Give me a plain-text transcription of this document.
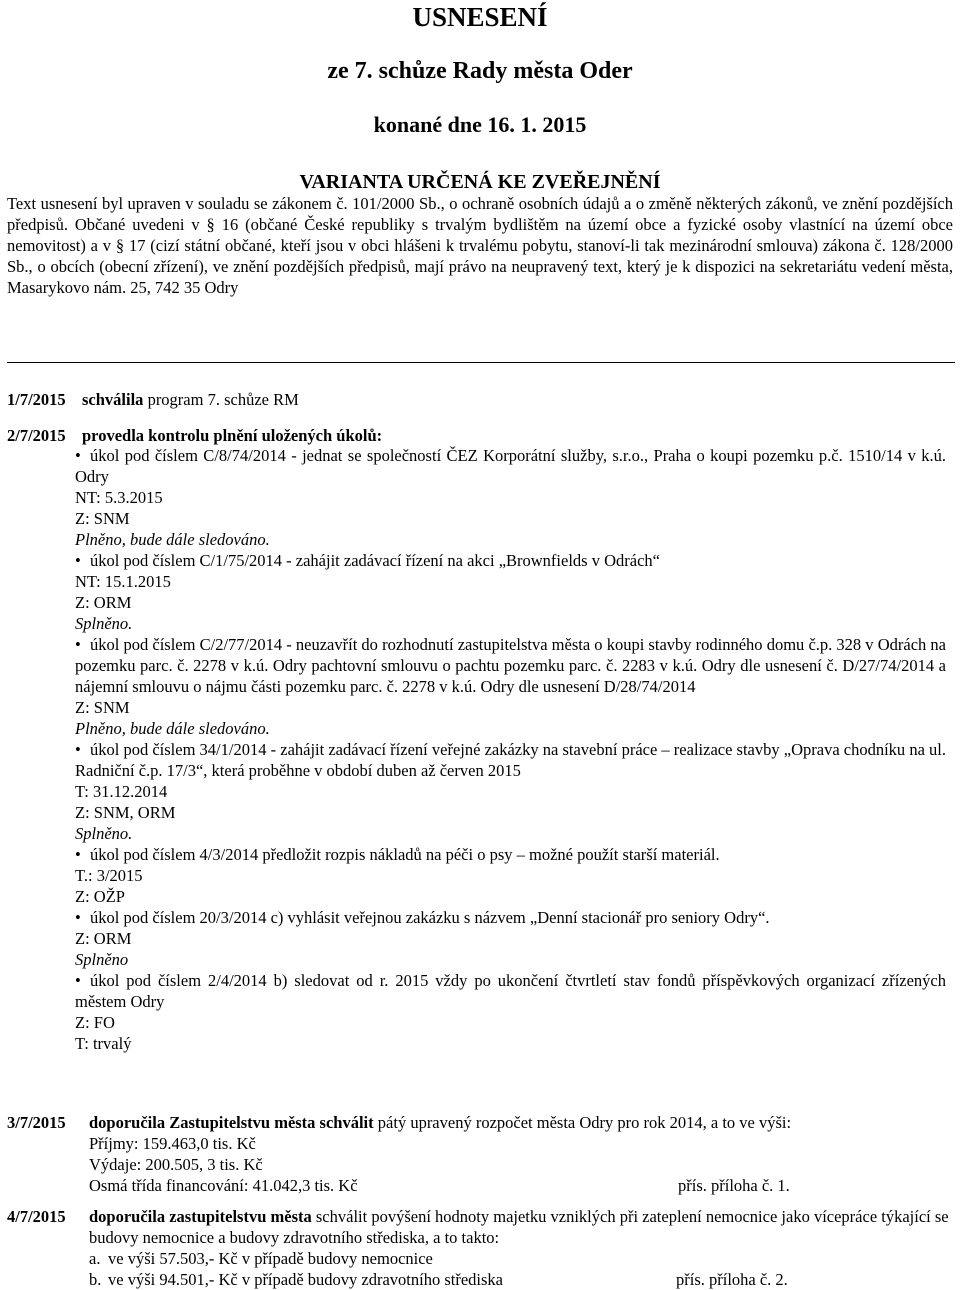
USNESENÍ
ze 7. schůze Rady města Oder
konané dne 16. 1. 2015
VARIANTA URČENÁ KE ZVEŘEJNĚNÍ

Text usnesení byl upraven v souladu se zákonem č. 101/2000 Sb., o ochraně osobních údajů a o změně některých zákonů, ve znění pozdějších předpisů. Občané uvedeni v § 16 (občané České republiky s trvalým bydlištěm na území obce a fyzické osoby vlastnící na území obce nemovitost) a v § 17 (cizí státní občané, kteří jsou v obci hlášeni k trvalému pobytu, stanoví-li tak mezinárodní smlouva) zákona č. 128/2000 Sb., o obcích (obecní zřízení), ve znění pozdějších předpisů, mají právo na neupravený text, který je k dispozici na sekretariátu vedení města, Masarykovo nám. 25, 742 35 Odry

1/7/2015 schválila program 7. schůze RM
2/7/2015 provedla kontrolu plnění uložených úkolů:
• úkol pod číslem C/8/74/2014 - jednat se společností ČEZ Korporátní služby, s.r.o., Praha o koupi pozemku p.č. 1510/14 v k.ú. Odry
NT: 5.3.2015
Z: SNM
Plněno, bude dále sledováno.
• úkol pod číslem C/1/75/2014 - zahájit zadávací řízení na akci „Brownfields v Odrách“
NT: 15.1.2015
Z: ORM
Splněno.
• úkol pod číslem C/2/77/2014 - neuzavřít do rozhodnutí zastupitelstva města o koupi stavby rodinného domu č.p. 328 v Odrách na pozemku parc. č. 2278 v k.ú. Odry pachtovní smlouvu o pachtu pozemku parc. č. 2283 v k.ú. Odry dle usnesení č. D/27/74/2014 a nájemní smlouvu o nájmu části pozemku parc. č. 2278 v k.ú. Odry dle usnesení D/28/74/2014
Z: SNM
Plněno, bude dále sledováno.
• úkol pod číslem 34/1/2014 - zahájit zadávací řízení veřejné zakázky na stavební práce – realizace stavby „Oprava chodníku na ul. Radniční č.p. 17/3“, která proběhne v období duben až červen 2015
T: 31.12.2014
Z: SNM, ORM
Splněno.
• úkol pod číslem 4/3/2014 předložit rozpis nákladů na péči o psy – možné použít starší materiál.
T.: 3/2015
Z: OŽP
• úkol pod číslem 20/3/2014 c) vyhlásit veřejnou zakázku s názvem „Denní stacionář pro seniory Odry“.
Z: ORM
Splněno
• úkol pod číslem 2/4/2014 b) sledovat od r. 2015 vždy po ukončení čtvrtletí stav fondů příspěvkových organizací zřízených městem Odry
Z: FO
T: trvalý
3/7/2015 doporučila Zastupitelstvu města schválit pátý upravený rozpočet města Odry pro rok 2014, a to ve výši:
Příjmy: 159.463,0 tis. Kč
Výdaje: 200.505, 3 tis. Kč
Osmá třída financování: 41.042,3 tis. Kč	přís. příloha č. 1.
4/7/2015 doporučila zastupitelstvu města schválit povýšení hodnoty majetku vzniklých při zateplení nemocnice jako vícepráce týkající se budovy nemocnice a budovy zdravotního střediska, a to takto:
a. ve výši 57.503,- Kč v případě budovy nemocnice
b. ve výši 94.501,- Kč v případě budovy zdravotního střediska	přís. příloha č. 2.
